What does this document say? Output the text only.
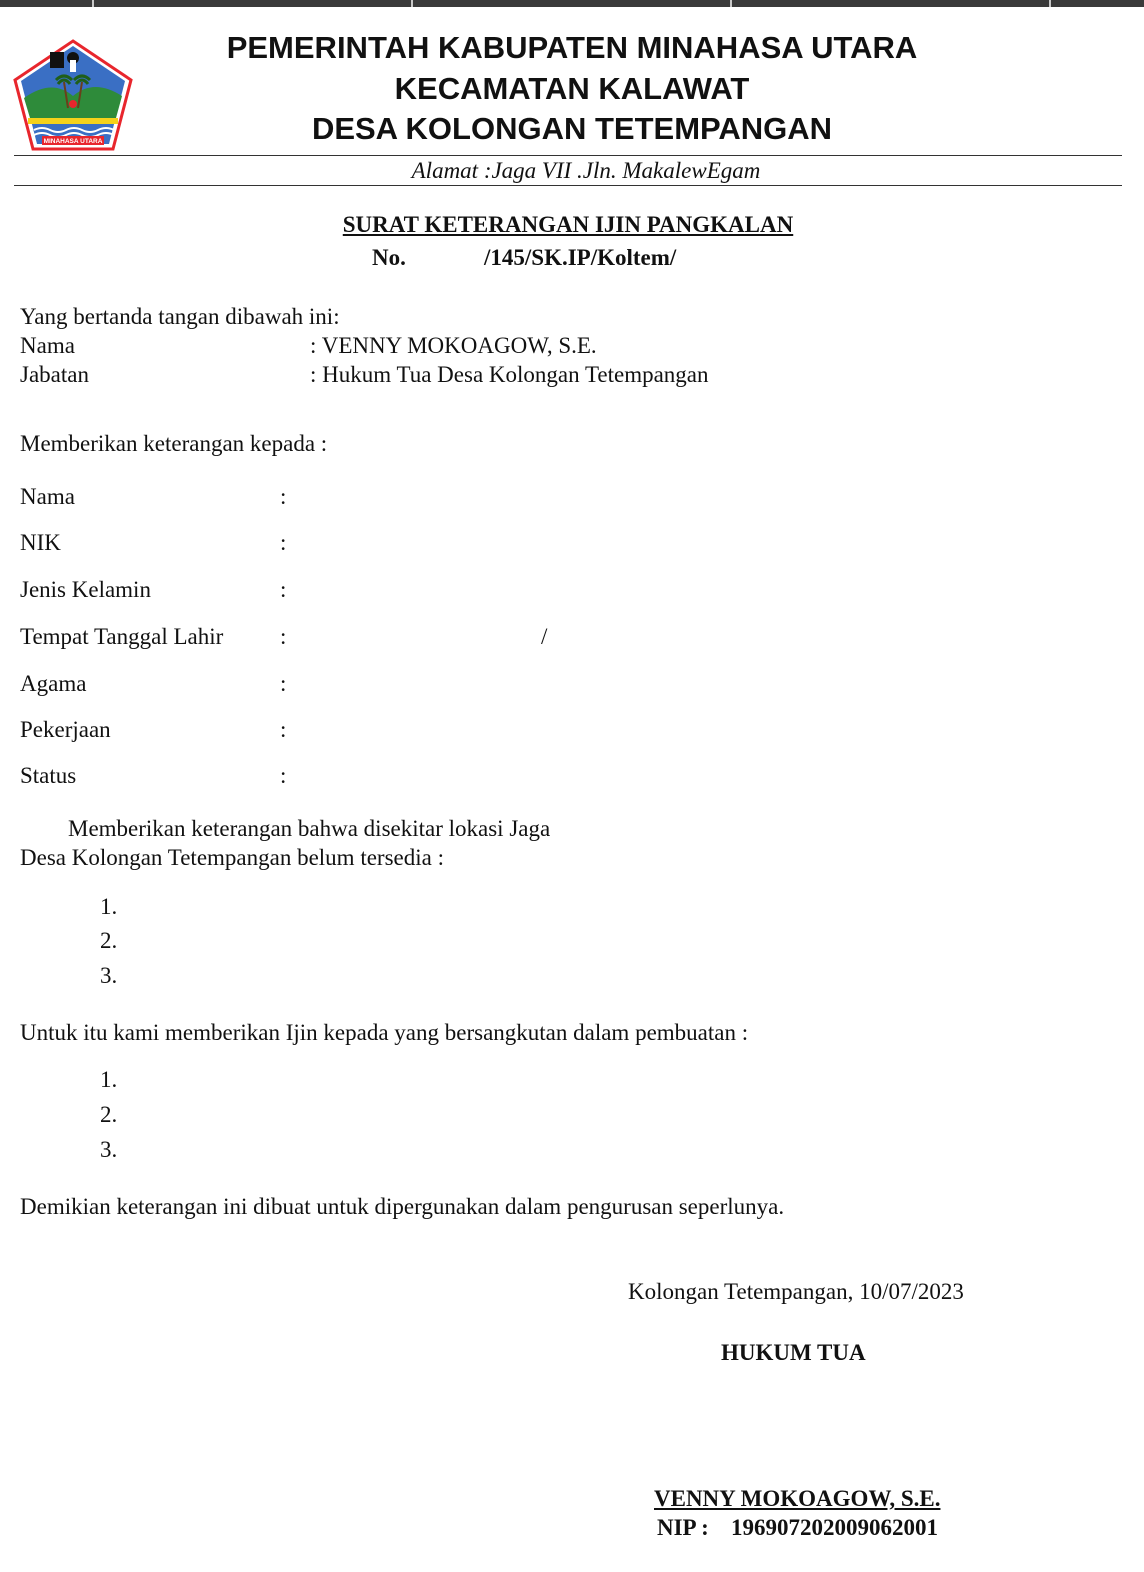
MINAHASA UTARA
PEMERINTAH KABUPATEN MINAHASA UTARA
KECAMATAN KALAWAT
DESA KOLONGAN TETEMPANGAN
Alamat :Jaga VII .Jln. MakalewEgam
SURAT KETERANGAN IJIN PANGKALAN
No.	/145/SK.IP/Koltem/
Yang bertanda tangan dibawah ini:
Nama	: VENNY MOKOAGOW, S.E.
Jabatan	: Hukum Tua Desa Kolongan Tetempangan
Memberikan keterangan kepada :
Nama	:
NIK	:
Jenis Kelamin	:
Tempat Tanggal Lahir :	/
Agama	:
Pekerjaan	:
Status	:
Memberikan keterangan bahwa disekitar lokasi Jaga
Desa Kolongan Tetempangan belum tersedia :
1.
2.
3.
Untuk itu kami memberikan Ijin kepada yang bersangkutan dalam pembuatan :
1.
2.
3.
Demikian keterangan ini dibuat untuk dipergunakan dalam pengurusan seperlunya.
Kolongan Tetempangan, 10/07/2023
HUKUM TUA
VENNY MOKOAGOW, S.E.
NIP : 196907202009062001
